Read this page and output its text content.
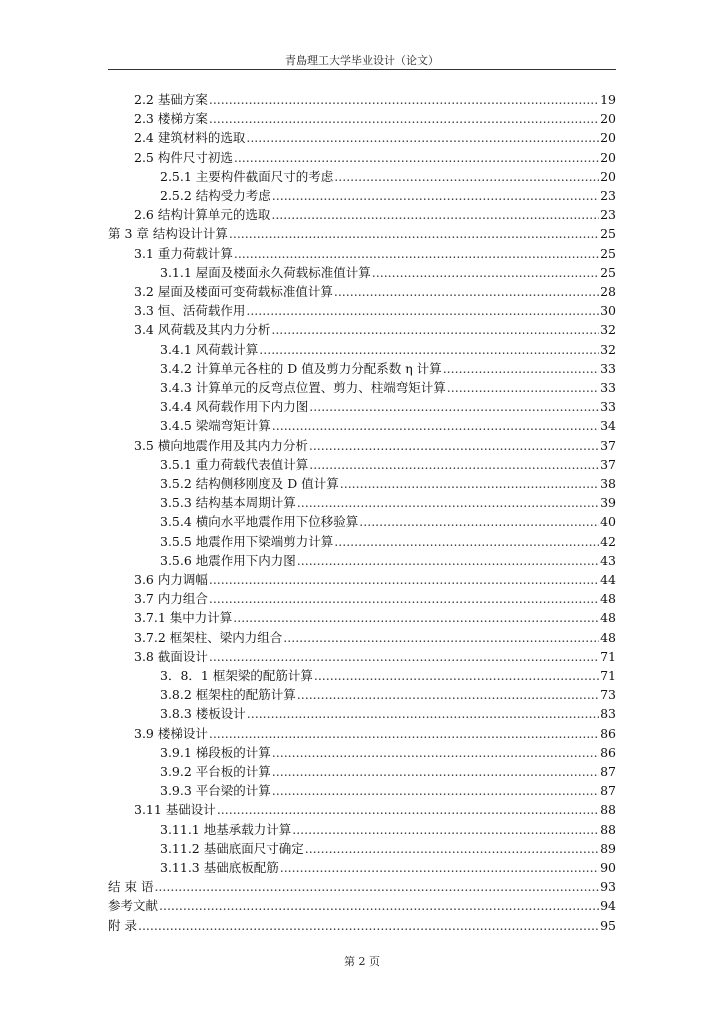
青島理工大学毕业设计（论文）
2.2 基础方案 .....	19
2.3 楼梯方案 .....	20
2.4 建筑材料的选取 .....	20
2.5 构件尺寸初选 .....	20
2.5.1 主要构件截面尺寸的考虑 .....	20
2.5.2 结构受力考虑 .....	23
2.6 结构计算单元的选取 .....	23
第 3 章 结构设计计算 .....	25
3.1 重力荷载计算 .....	25
3.1.1 屋面及楼面永久荷载标准值计算 .....	25
3.2 屋面及楼面可变荷载标准值计算 .....	28
3.3 恒、活荷载作用 .....	30
3.4 风荷载及其内力分析 .....	32
3.4.1 风荷载计算 .....	32
3.4.2 计算单元各柱的 D 值及剪力分配系数 η 计算 .....	33
3.4.3 计算单元的反弯点位置、剪力、柱端弯矩计算 .....	33
3.4.4 风荷载作用下内力图 .....	33
3.4.5 梁端弯矩计算 .....	34
3.5 横向地震作用及其内力分析 .....	37
3.5.1 重力荷载代表值计算 .....	37
3.5.2 结构侧移刚度及 D 值计算 .....	38
3.5.3 结构基本周期计算 .....	39
3.5.4 横向水平地震作用下位移验算 .....	40
3.5.5 地震作用下梁端剪力计算 .....	42
3.5.6 地震作用下内力图 .....	43
3.6 内力调幅 .....	44
3.7 内力组合 .....	48
3.7.1 集中力计算 .....	48
3.7.2 框架柱、梁内力组合 .....	48
3.8 截面设计 .....	71
3．8．1 框架梁的配筋计算 .....	71
3.8.2 框架柱的配筋计算 .....	73
3.8.3 楼板设计 .....	83
3.9 楼梯设计 .....	86
3.9.1 梯段板的计算 .....	86
3.9.2 平台板的计算 .....	87
3.9.3 平台梁的计算 .....	87
3.11 基础设计 .....	88
3.11.1 地基承载力计算 .....	88
3.11.2 基础底面尺寸确定 .....	89
3.11.3 基础底板配筋 .....	90
结 束 语 .....	93
参考文献 .....	94
附 录 .....	95
第 2 页
